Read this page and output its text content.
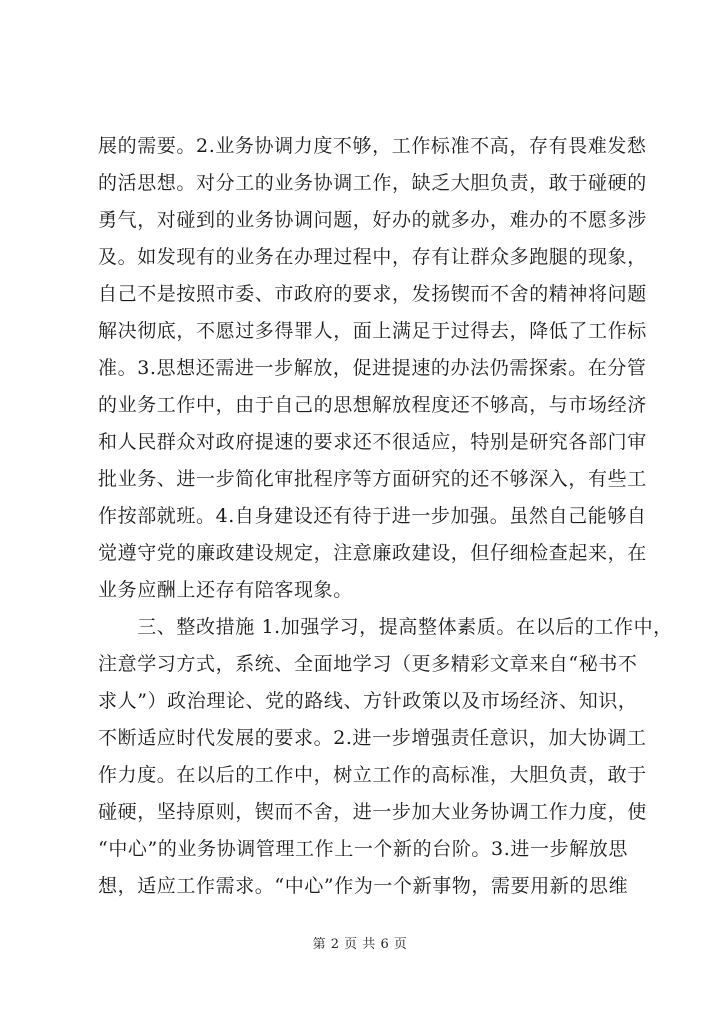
展的需要。2.业务协调力度不够，工作标准不高，存有畏难发愁
的活思想。对分工的业务协调工作，缺乏大胆负责，敢于碰硬的
勇气，对碰到的业务协调问题，好办的就多办，难办的不愿多涉
及。如发现有的业务在办理过程中，存有让群众多跑腿的现象，
自己不是按照市委、市政府的要求，发扬锲而不舍的精神将问题
解决彻底，不愿过多得罪人，面上满足于过得去，降低了工作标
准。3.思想还需进一步解放，促进提速的办法仍需探索。在分管
的业务工作中，由于自己的思想解放程度还不够高，与市场经济
和人民群众对政府提速的要求还不很适应，特别是研究各部门审
批业务、进一步简化审批程序等方面研究的还不够深入，有些工
作按部就班。4.自身建设还有待于进一步加强。虽然自己能够自
觉遵守党的廉政建设规定，注意廉政建设，但仔细检查起来，在
业务应酬上还存有陪客现象。
　　三、整改措施 1.加强学习，提高整体素质。在以后的工作中，
注意学习方式，系统、全面地学习（更多精彩文章来自“秘书不
求人”）政治理论、党的路线、方针政策以及市场经济、知识，
不断适应时代发展的要求。2.进一步增强责任意识，加大协调工
作力度。在以后的工作中，树立工作的高标准，大胆负责，敢于
碰硬，坚持原则，锲而不舍，进一步加大业务协调工作力度，使
“中心”的业务协调管理工作上一个新的台阶。3.进一步解放思
想，适应工作需求。“中心”作为一个新事物，需要用新的思维
第 2 页 共 6 页
